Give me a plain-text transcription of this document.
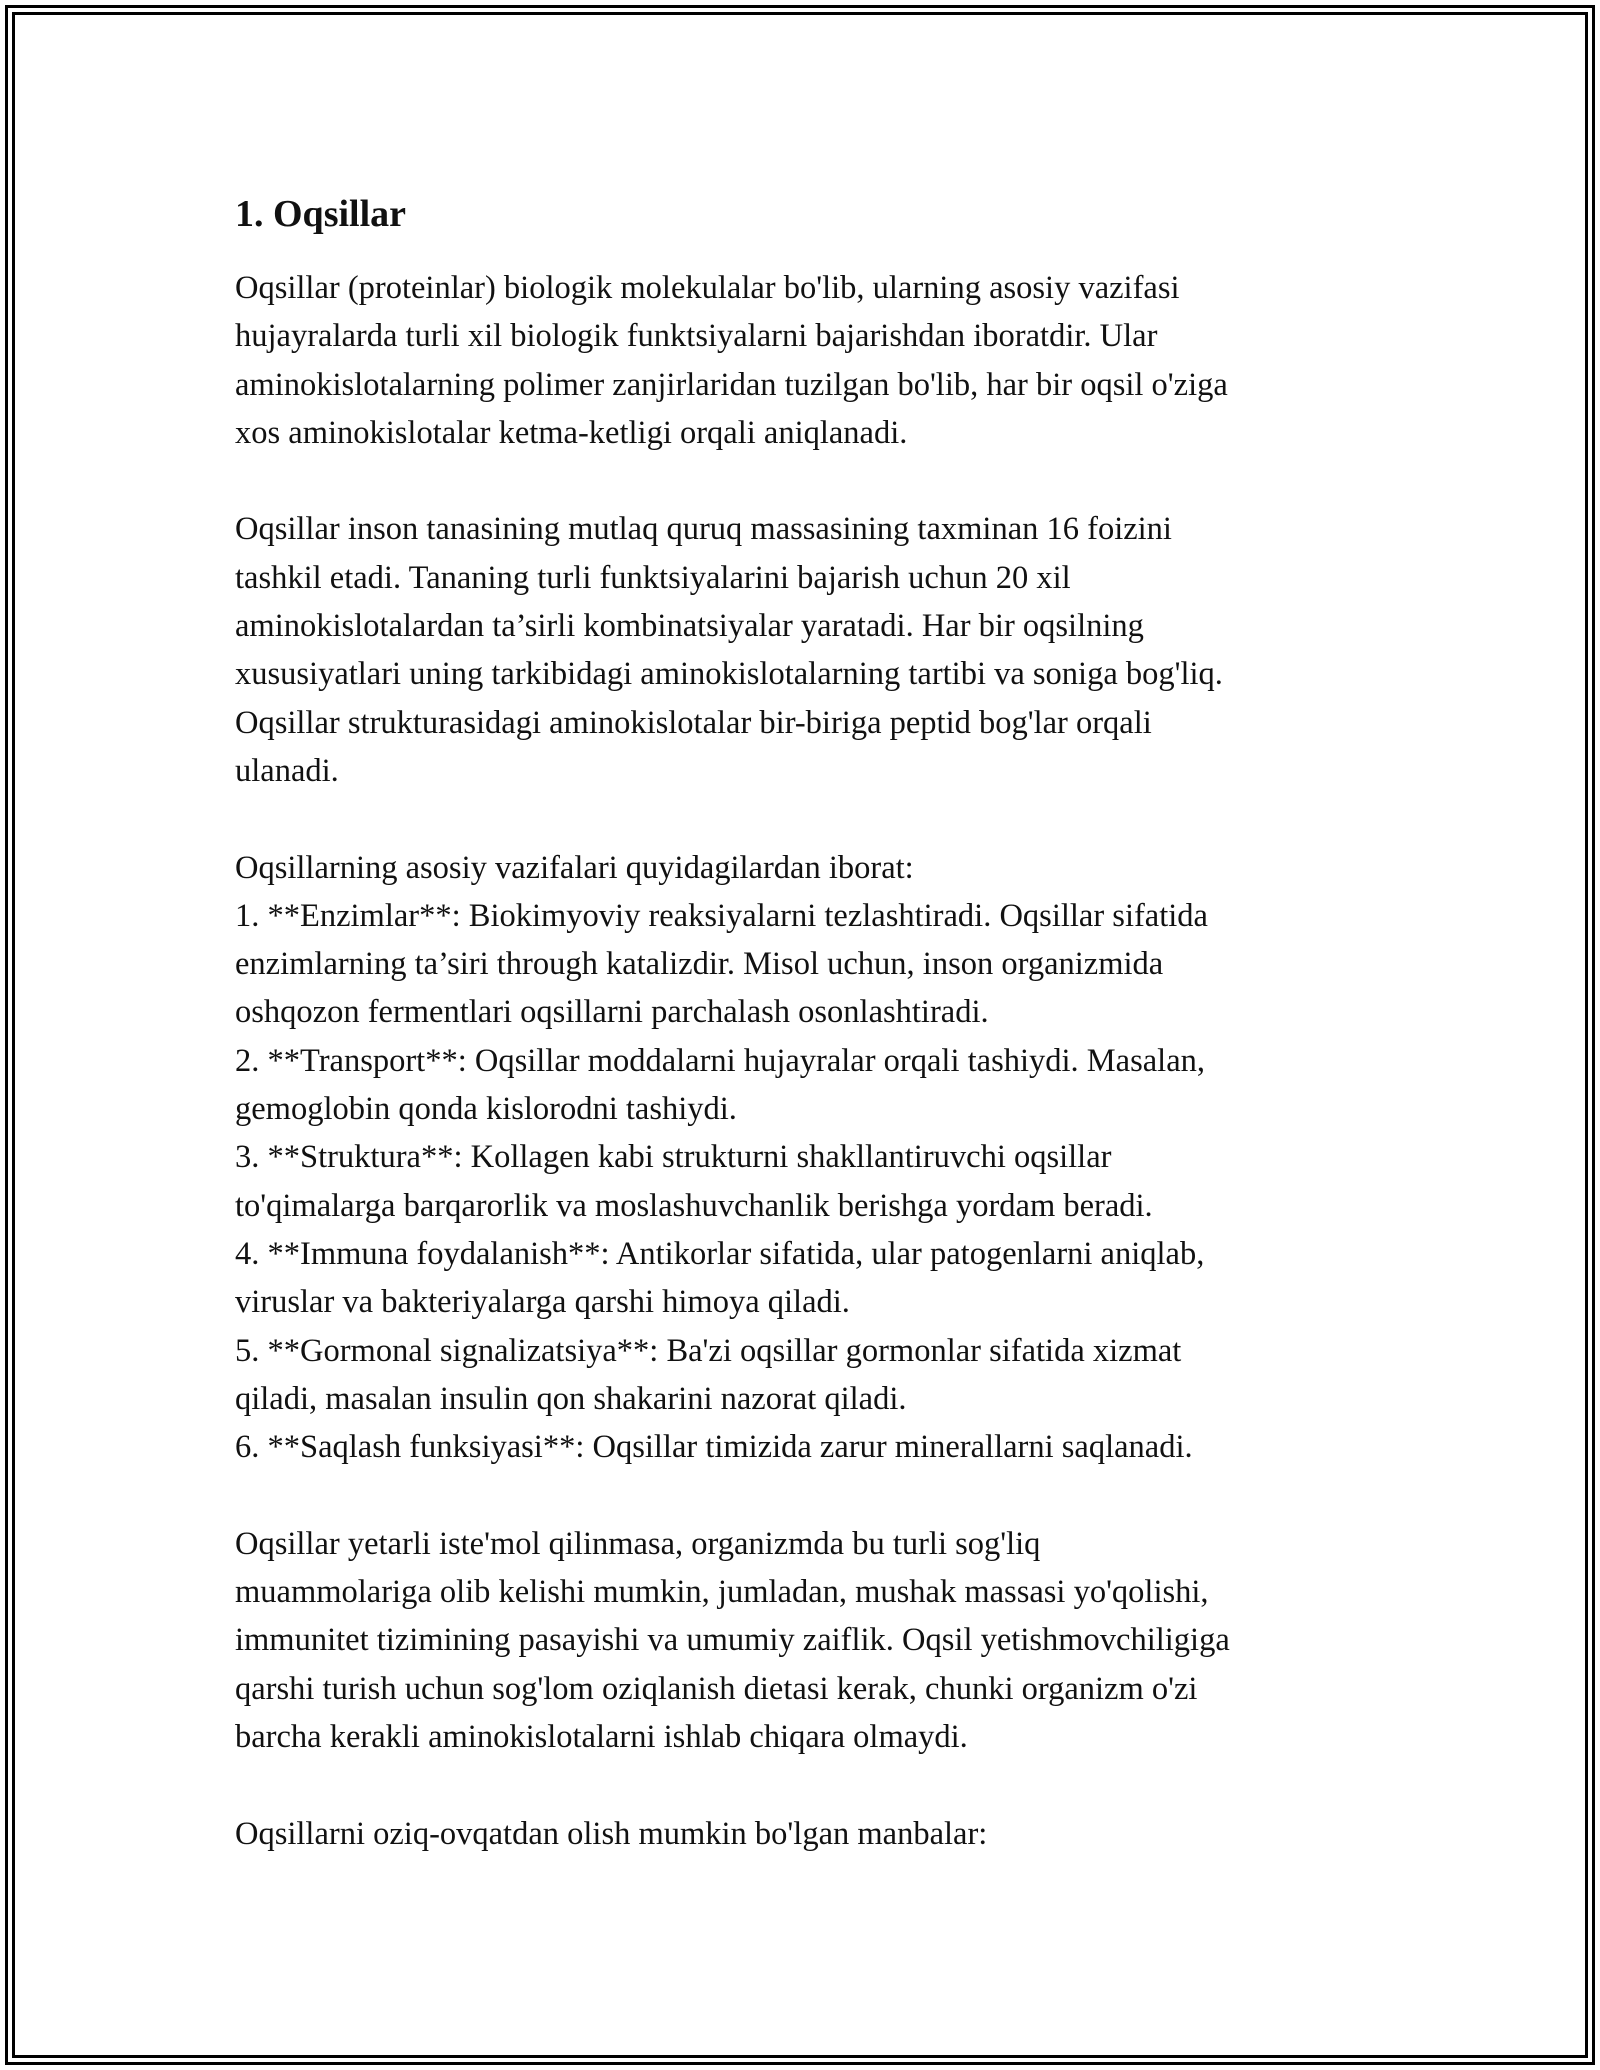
1. Oqsillar

Oqsillar (proteinlar) biologik molekulalar bo'lib, ularning asosiy vazifasi
hujayralarda turli xil biologik funktsiyalarni bajarishdan iboratdir. Ular
aminokislotalarning polimer zanjirlaridan tuzilgan bo'lib, har bir oqsil o'ziga
xos aminokislotalar ketma-ketligi orqali aniqlanadi.

Oqsillar inson tanasining mutlaq quruq massasining taxminan 16 foizini
tashkil etadi. Tananing turli funktsiyalarini bajarish uchun 20 xil
aminokislotalardan ta’sirli kombinatsiyalar yaratadi. Har bir oqsilning
xususiyatlari uning tarkibidagi aminokislotalarning tartibi va soniga bog'liq.
Oqsillar strukturasidagi aminokislotalar bir-biriga peptid bog'lar orqali
ulanadi.

Oqsillarning asosiy vazifalari quyidagilardan iborat:
1. **Enzimlar**: Biokimyoviy reaksiyalarni tezlashtiradi. Oqsillar sifatida
enzimlarning ta’siri through katalizdir. Misol uchun, inson organizmida
oshqozon fermentlari oqsillarni parchalash osonlashtiradi.
2. **Transport**: Oqsillar moddalarni hujayralar orqali tashiydi. Masalan,
gemoglobin qonda kislorodni tashiydi.
3. **Struktura**: Kollagen kabi strukturni shakllantiruvchi oqsillar
to'qimalarga barqarorlik va moslashuvchanlik berishga yordam beradi.
4. **Immuna foydalanish**: Antikorlar sifatida, ular patogenlarni aniqlab,
viruslar va bakteriyalarga qarshi himoya qiladi.
5. **Gormonal signalizatsiya**: Ba'zi oqsillar gormonlar sifatida xizmat
qiladi, masalan insulin qon shakarini nazorat qiladi.
6. **Saqlash funksiyasi**: Oqsillar timizida zarur minerallarni saqlanadi.

Oqsillar yetarli iste'mol qilinmasa, organizmda bu turli sog'liq
muammolariga olib kelishi mumkin, jumladan, mushak massasi yo'qolishi,
immunitet tizimining pasayishi va umumiy zaiflik. Oqsil yetishmovchiligiga
qarshi turish uchun sog'lom oziqlanish dietasi kerak, chunki organizm o'zi
barcha kerakli aminokislotalarni ishlab chiqara olmaydi.

Oqsillarni oziq-ovqatdan olish mumkin bo'lgan manbalar:
